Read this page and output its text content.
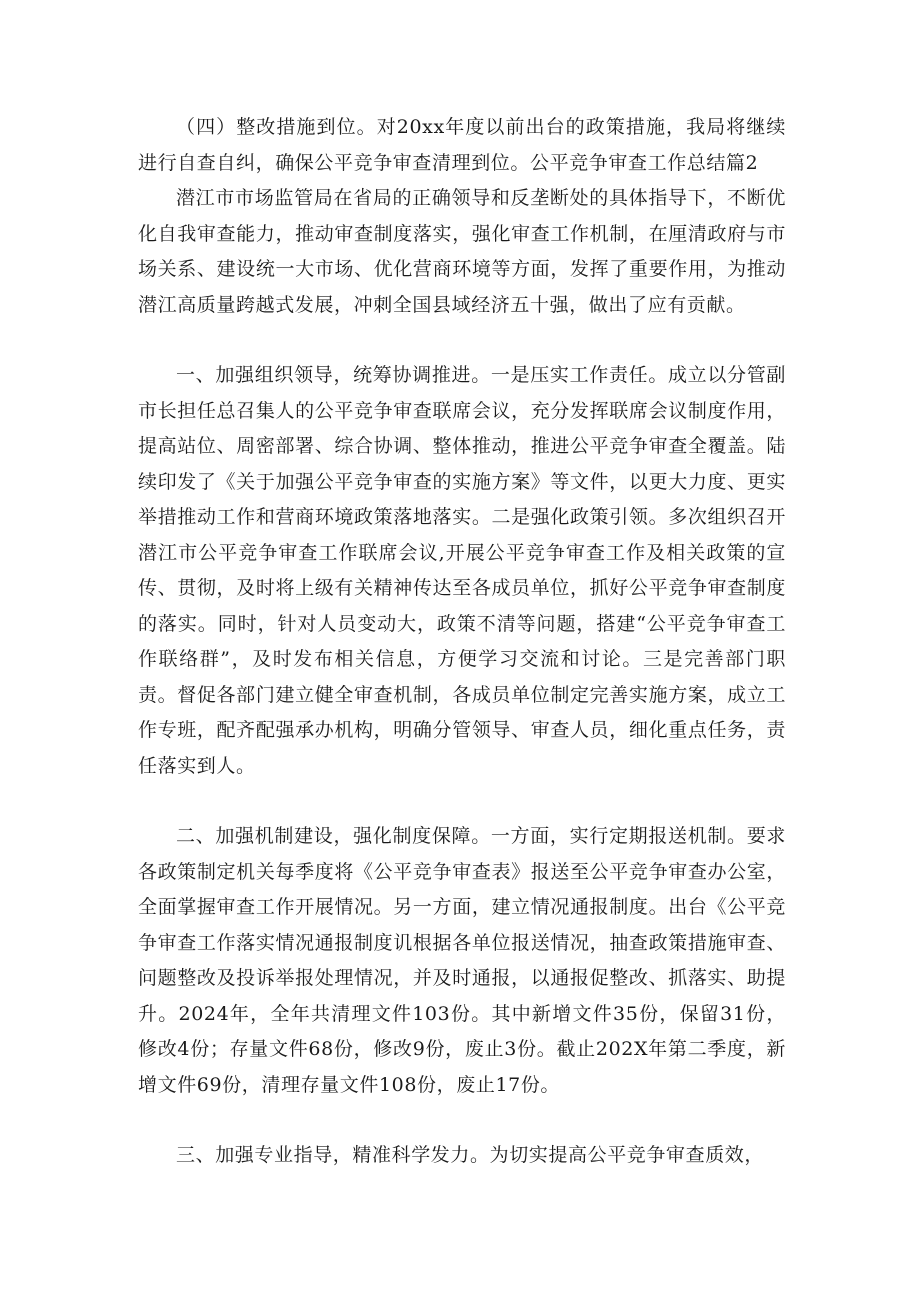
（四）整改措施到位。对20xx年度以前出台的政策措施，我局将继续进行自查自纠，确保公平竞争审查清理到位。公平竞争审查工作总结篇2

潜江市市场监管局在省局的正确领导和反垄断处的具体指导下，不断优化自我审查能力，推动审查制度落实，强化审查工作机制，在厘清政府与市场关系、建设统一大市场、优化营商环境等方面，发挥了重要作用，为推动潜江高质量跨越式发展，冲刺全国县域经济五十强，做出了应有贡献。

一、加强组织领导，统筹协调推进。一是压实工作责任。成立以分管副市长担任总召集人的公平竞争审查联席会议，充分发挥联席会议制度作用，提高站位、周密部署、综合协调、整体推动，推进公平竞争审查全覆盖。陆续印发了《关于加强公平竞争审查的实施方案》等文件，以更大力度、更实举措推动工作和营商环境政策落地落实。二是强化政策引领。多次组织召开潜江市公平竞争审查工作联席会议,开展公平竞争审查工作及相关政策的宣传、贯彻，及时将上级有关精神传达至各成员单位，抓好公平竞争审查制度的落实。同时，针对人员变动大，政策不清等问题，搭建“公平竞争审查工作联络群”，及时发布相关信息，方便学习交流和讨论。三是完善部门职责。督促各部门建立健全审查机制，各成员单位制定完善实施方案，成立工作专班，配齐配强承办机构，明确分管领导、审查人员，细化重点任务，责任落实到人。

二、加强机制建设，强化制度保障。一方面，实行定期报送机制。要求各政策制定机关每季度将《公平竞争审查表》报送至公平竞争审查办公室，全面掌握审查工作开展情况。另一方面，建立情况通报制度。出台《公平竞争审查工作落实情况通报制度讥根据各单位报送情况，抽查政策措施审查、问题整改及投诉举报处理情况，并及时通报，以通报促整改、抓落实、助提升。2024年，全年共清理文件103份。其中新增文件35份，保留31份，修改4份；存量文件68份，修改9份，废止3份。截止202X年第二季度，新增文件69份，清理存量文件108份，废止17份。

三、加强专业指导，精准科学发力。为切实提高公平竞争审查质效，
